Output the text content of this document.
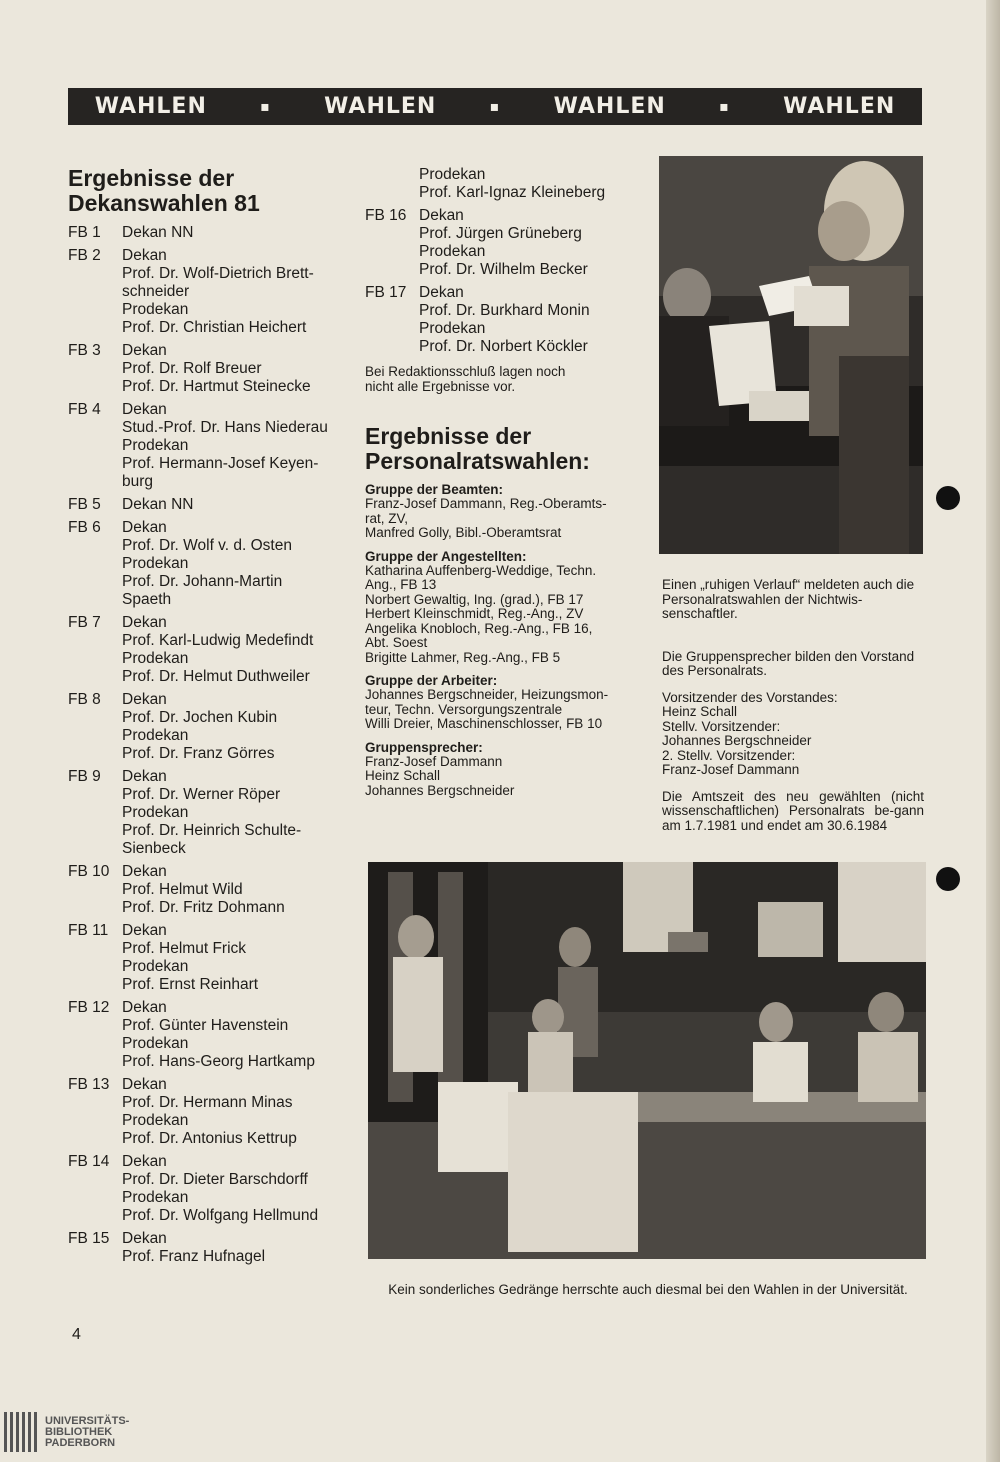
WAHLEN	▪ WAHLEN	▪ WAHLEN	▪ WAHLEN
Ergebnisse der
Dekanswahlen 81
FB 1	Dekan NN
FB 2	Dekan
Prof. Dr. Wolf-Dietrich Brett-
schneider
Prodekan
Prof. Dr. Christian Heichert
FB 3	Dekan
Prof. Dr. Rolf Breuer
Prof. Dr. Hartmut Steinecke
FB 4	Dekan
Stud.-Prof. Dr. Hans Niederau
Prodekan
Prof. Hermann-Josef Keyen-
burg
FB 5	Dekan NN
FB 6	Dekan
Prof. Dr. Wolf v. d. Osten
Prodekan
Prof. Dr. Johann-Martin
Spaeth
FB 7	Dekan
Prof. Karl-Ludwig Medefindt
Prodekan
Prof. Dr. Helmut Duthweiler
FB 8	Dekan
Prof. Dr. Jochen Kubin
Prodekan
Prof. Dr. Franz Görres
FB 9	Dekan
Prof. Dr. Werner Röper
Prodekan
Prof. Dr. Heinrich Schulte-
Sienbeck
FB 10 Dekan
Prof. Helmut Wild
Prof. Dr. Fritz Dohmann
FB 11 Dekan
Prof. Helmut Frick
Prodekan
Prof. Ernst Reinhart
FB 12 Dekan
Prof. Günter Havenstein
Prodekan
Prof. Hans-Georg Hartkamp
FB 13 Dekan
Prof. Dr. Hermann Minas
Prodekan
Prof. Dr. Antonius Kettrup
FB 14 Dekan
Prof. Dr. Dieter Barschdorff
Prodekan
Prof. Dr. Wolfgang Hellmund
FB 15 Dekan
Prof. Franz Hufnagel
Prodekan
Prof. Karl-Ignaz Kleineberg
FB 16 Dekan
Prof. Jürgen Grüneberg
Prodekan
Prof. Dr. Wilhelm Becker
FB 17 Dekan
Prof. Dr. Burkhard Monin
Prodekan
Prof. Dr. Norbert Köckler
Bei Redaktionsschluß lagen noch
nicht alle Ergebnisse vor.
Ergebnisse der
Personalratswahlen:
Gruppe der Beamten:
Franz-Josef Dammann, Reg.-Oberamts-
rat, ZV,
Manfred Golly, Bibl.-Oberamtsrat
Gruppe der Angestellten:
Katharina Auffenberg-Weddige, Techn.
Ang., FB 13
Norbert Gewaltig, Ing. (grad.), FB 17
Herbert Kleinschmidt, Reg.-Ang., ZV
Angelika Knobloch, Reg.-Ang., FB 16,
Abt. Soest
Brigitte Lahmer, Reg.-Ang., FB 5
Gruppe der Arbeiter:
Johannes Bergschneider, Heizungsmon-
teur, Techn. Versorgungszentrale
Willi Dreier, Maschinenschlosser, FB 10
Gruppensprecher:
Franz-Josef Dammann
Heinz Schall
Johannes Bergschneider

Einen „ruhigen Verlauf“ meldeten auch die Personalratswahlen der Nichtwis-senschaftler.

Die Gruppensprecher bilden den Vorstand des Personalrats.

Vorsitzender des Vorstandes:
Heinz Schall
Stellv. Vorsitzender:
Johannes Bergschneider
2. Stellv. Vorsitzender:
Franz-Josef Dammann

Die Amtszeit des neu gewählten (nicht wissenschaftlichen) Personalrats be-gann am 1.7.1981 und endet am 30.6.1984

Kein sonderliches Gedränge herrschte auch diesmal bei den Wahlen in der Universität.
4
UNIVERSITÄTS-
BIBLIOTHEK
PADERBORN
